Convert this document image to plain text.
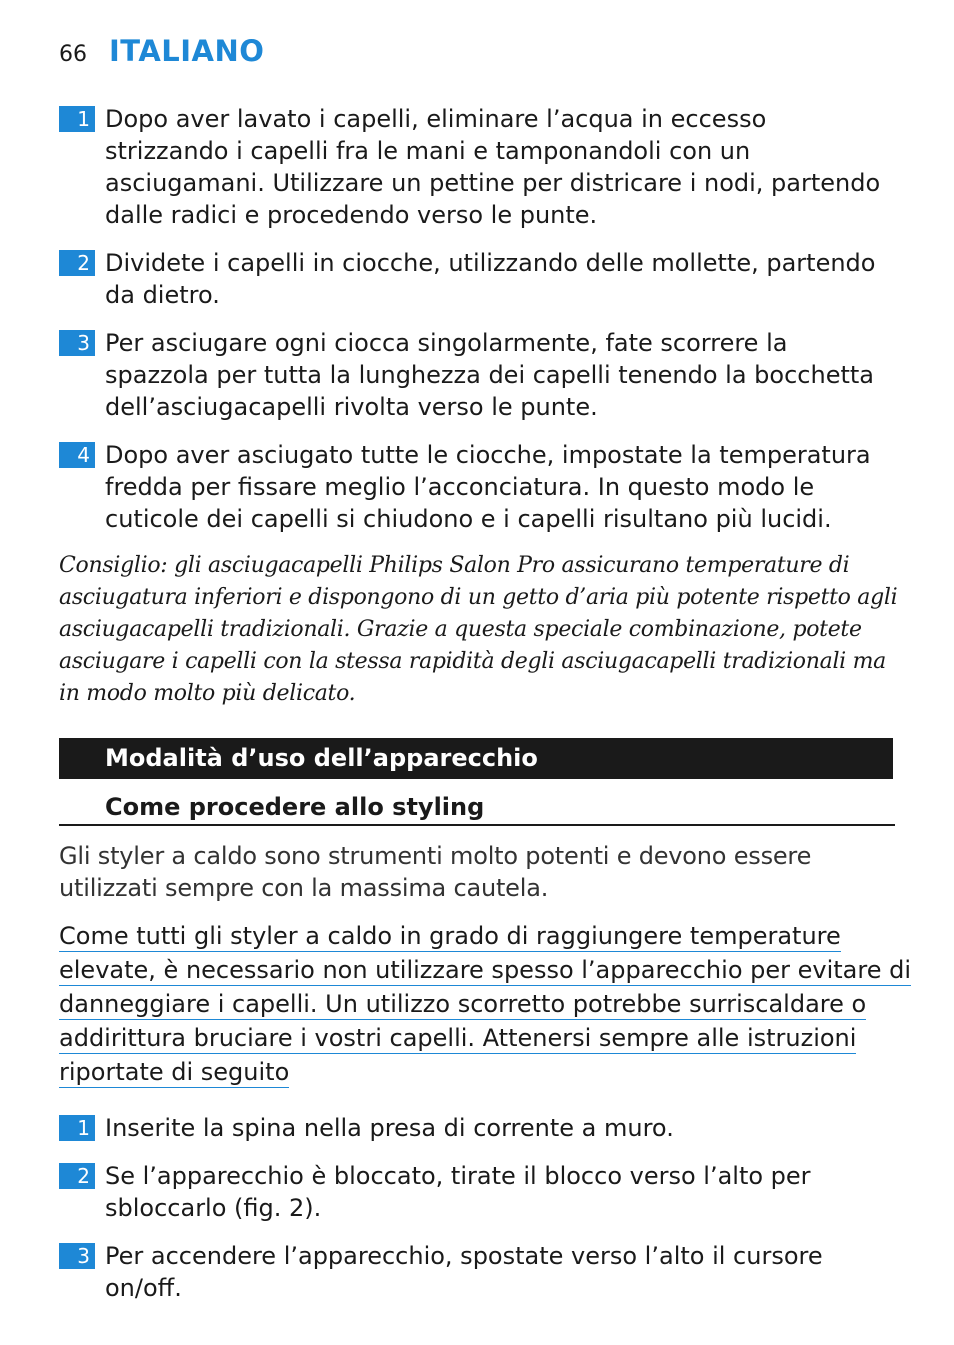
66 ITALIANO
1 Dopo aver lavato i capelli, eliminare l’acqua in eccesso strizzando i capelli fra le mani e tamponandoli con un asciugamani. Utilizzare un pettine per districare i nodi, partendo dalle radici e procedendo verso le punte.
2 Dividete i capelli in ciocche, utilizzando delle mollette, partendo da dietro.
3 Per asciugare ogni ciocca singolarmente, fate scorrere la spazzola per tutta la lunghezza dei capelli tenendo la bocchetta dell’asciugacapelli rivolta verso le punte.
4 Dopo aver asciugato tutte le ciocche, impostate la temperatura fredda per fissare meglio l’acconciatura. In questo modo le cuticole dei capelli si chiudono e i capelli risultano più lucidi.
Consiglio: gli asciugacapelli Philips Salon Pro assicurano temperature di asciugatura inferiori e dispongono di un getto d’aria più potente rispetto agli asciugacapelli tradizionali. Grazie a questa speciale combinazione, potete asciugare i capelli con la stessa rapidità degli asciugacapelli tradizionali ma in modo molto più delicato.
Modalità d’uso dell’apparecchio
Come procedere allo styling
Gli styler a caldo sono strumenti molto potenti e devono essere utilizzati sempre con la massima cautela.
Come tutti gli styler a caldo in grado di raggiungere temperature
elevate, è necessario non utilizzare spesso l’apparecchio per evitare di
danneggiare i capelli. Un utilizzo scorretto potrebbe surriscaldare o
addirittura bruciare i vostri capelli. Attenersi sempre alle istruzioni
riportate di seguito
1 Inserite la spina nella presa di corrente a muro.
2 Se l’apparecchio è bloccato, tirate il blocco verso l’alto per sbloccarlo (fig. 2).
3 Per accendere l’apparecchio, spostate verso l’alto il cursore on/off.
